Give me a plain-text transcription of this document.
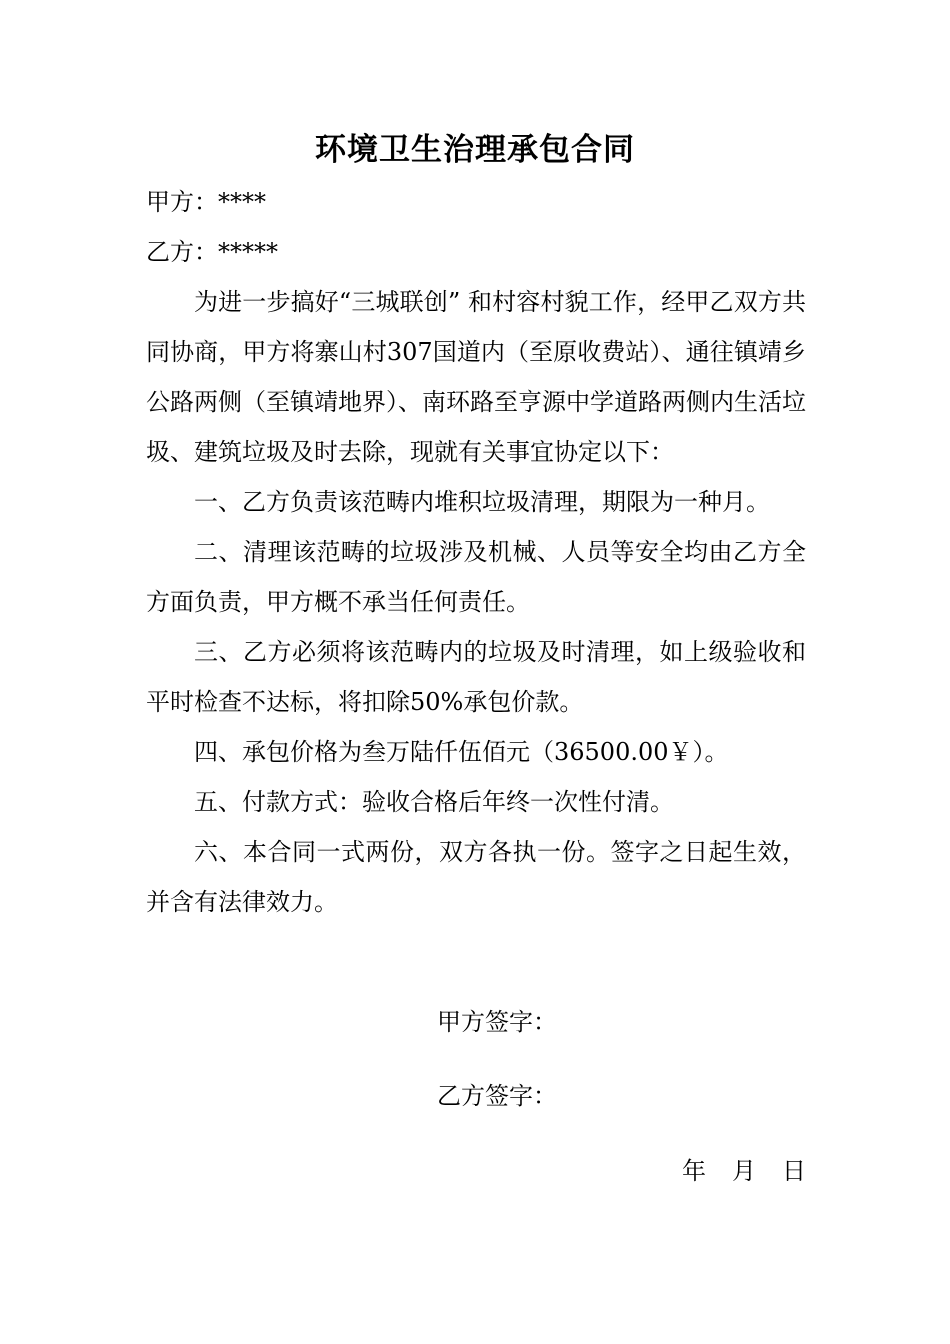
环境卫生治理承包合同

甲方：****

乙方：*****

为进一步搞好“三城联创” 和村容村貌工作，经甲乙双方共同协商，甲方将寨山村307国道内（至原收费站）、通往镇靖乡公路两侧（至镇靖地界）、南环路至亨源中学道路两侧内生活垃圾、建筑垃圾及时去除，现就有关事宜协定以下：

一、乙方负责该范畴内堆积垃圾清理，期限为一种月。

二、清理该范畴的垃圾涉及机械、人员等安全均由乙方全方面负责，甲方概不承当任何责任。

三、乙方必须将该范畴内的垃圾及时清理，如上级验收和平时检查不达标，将扣除50%承包价款。

四、承包价格为叁万陆仟伍佰元（36500.00￥）。

五、付款方式：验收合格后年终一次性付清。

六、本合同一式两份，双方各执一份。签字之日起生效，并含有法律效力。

甲方签字：
乙方签字：
年 月 日
